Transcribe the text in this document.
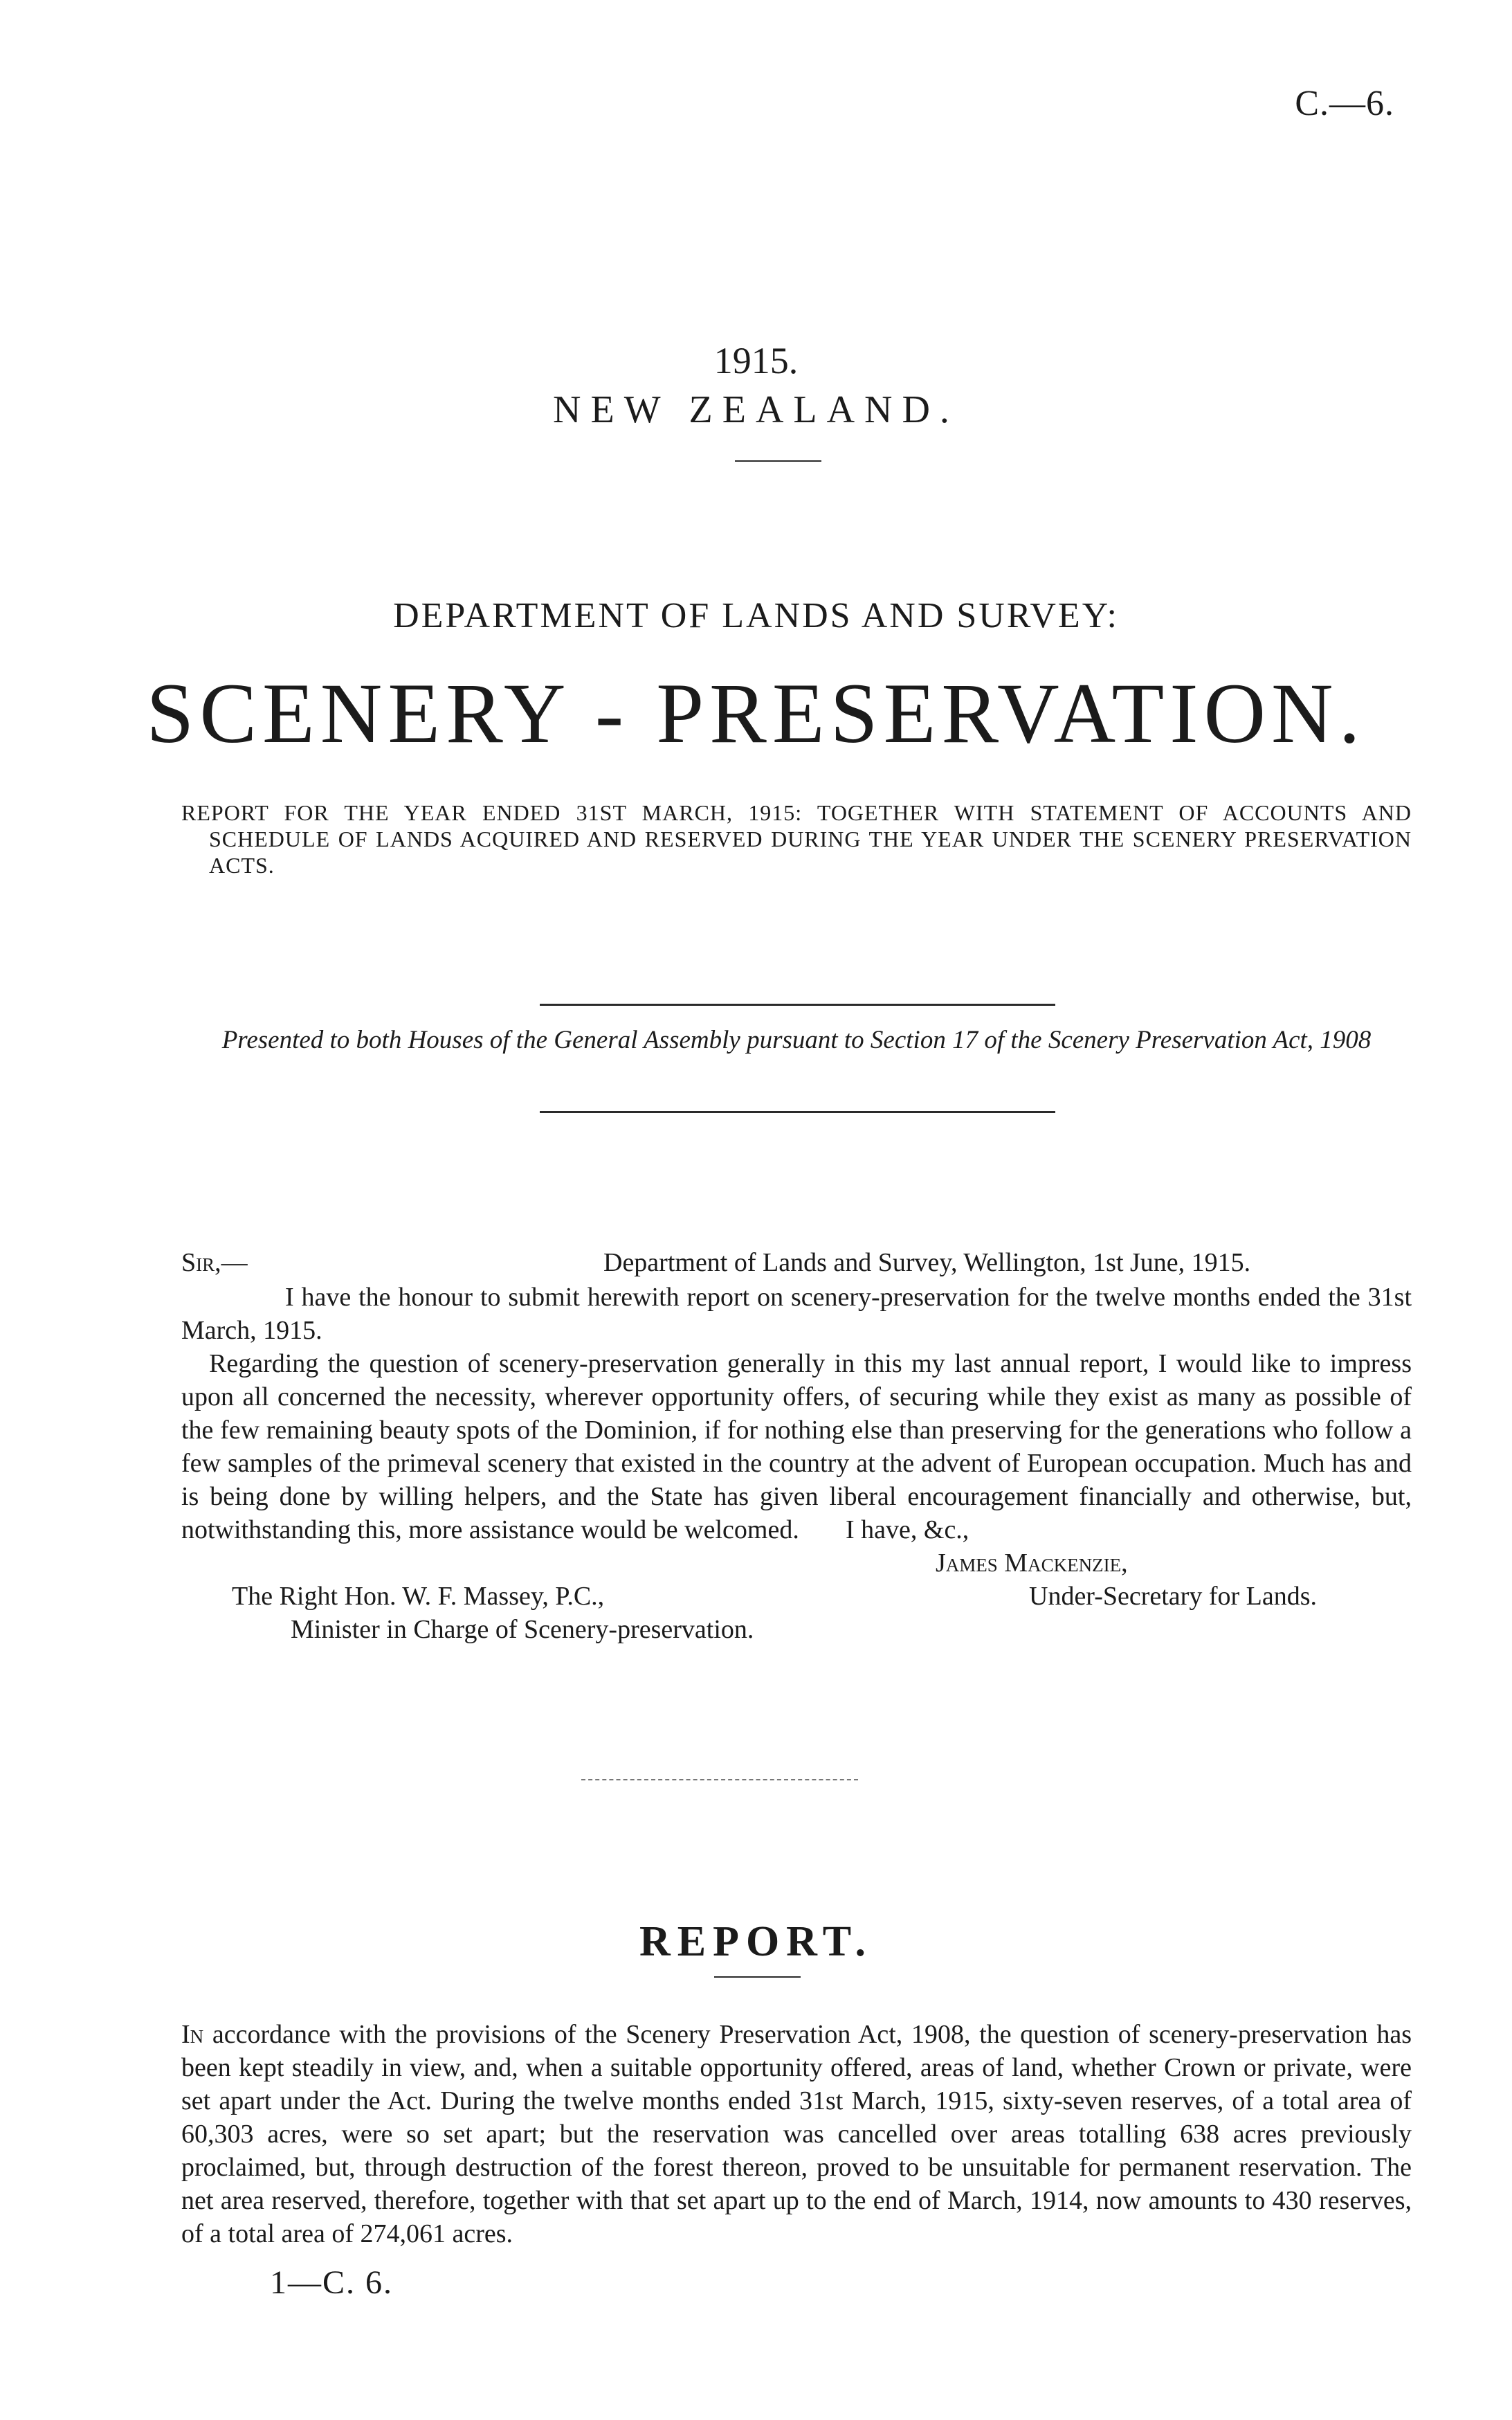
C.—6.
1915.
NEW ZEALAND.
DEPARTMENT OF LANDS AND SURVEY:
SCENERY - PRESERVATION.
REPORT FOR THE YEAR ENDED 31ST MARCH, 1915: TOGETHER WITH STATEMENT OF ACCOUNTS AND SCHEDULE OF LANDS ACQUIRED AND RESERVED DURING THE YEAR UNDER THE SCENERY PRESERVATION ACTS.
Presented to both Houses of the General Assembly pursuant to Section 17 of the Scenery Preservation Act, 1908
Sir,—	Department of Lands and Survey, Wellington, 1st June, 1915.

I have the honour to submit herewith report on scenery-preservation for the twelve months ended the 31st March, 1915.

Regarding the question of scenery-preservation generally in this my last annual report, I would like to impress upon all concerned the necessity, wherever opportunity offers, of securing while they exist as many as possible of the few remaining beauty spots of the Dominion, if for nothing else than preserving for the generations who follow a few samples of the primeval scenery that existed in the country at the advent of European occupation. Much has and is being done by willing helpers, and the State has given liberal encouragement financially and otherwise, but, notwithstanding this, more assistance would be welcomed.	I have, &c.,
James Mackenzie,
The Right Hon. W. F. Massey, P.C.,	Under-Secretary for Lands.
Minister in Charge of Scenery-preservation.
REPORT.
In accordance with the provisions of the Scenery Preservation Act, 1908, the question of scenery-preservation has been kept steadily in view, and, when a suitable opportunity offered, areas of land, whether Crown or private, were set apart under the Act. During the twelve months ended 31st March, 1915, sixty-seven reserves, of a total area of 60,303 acres, were so set apart; but the reservation was cancelled over areas totalling 638 acres previously proclaimed, but, through destruction of the forest thereon, proved to be unsuitable for permanent reservation. The net area reserved, therefore, together with that set apart up to the end of March, 1914, now amounts to 430 reserves, of a total area of 274,061 acres.
1—C. 6.
